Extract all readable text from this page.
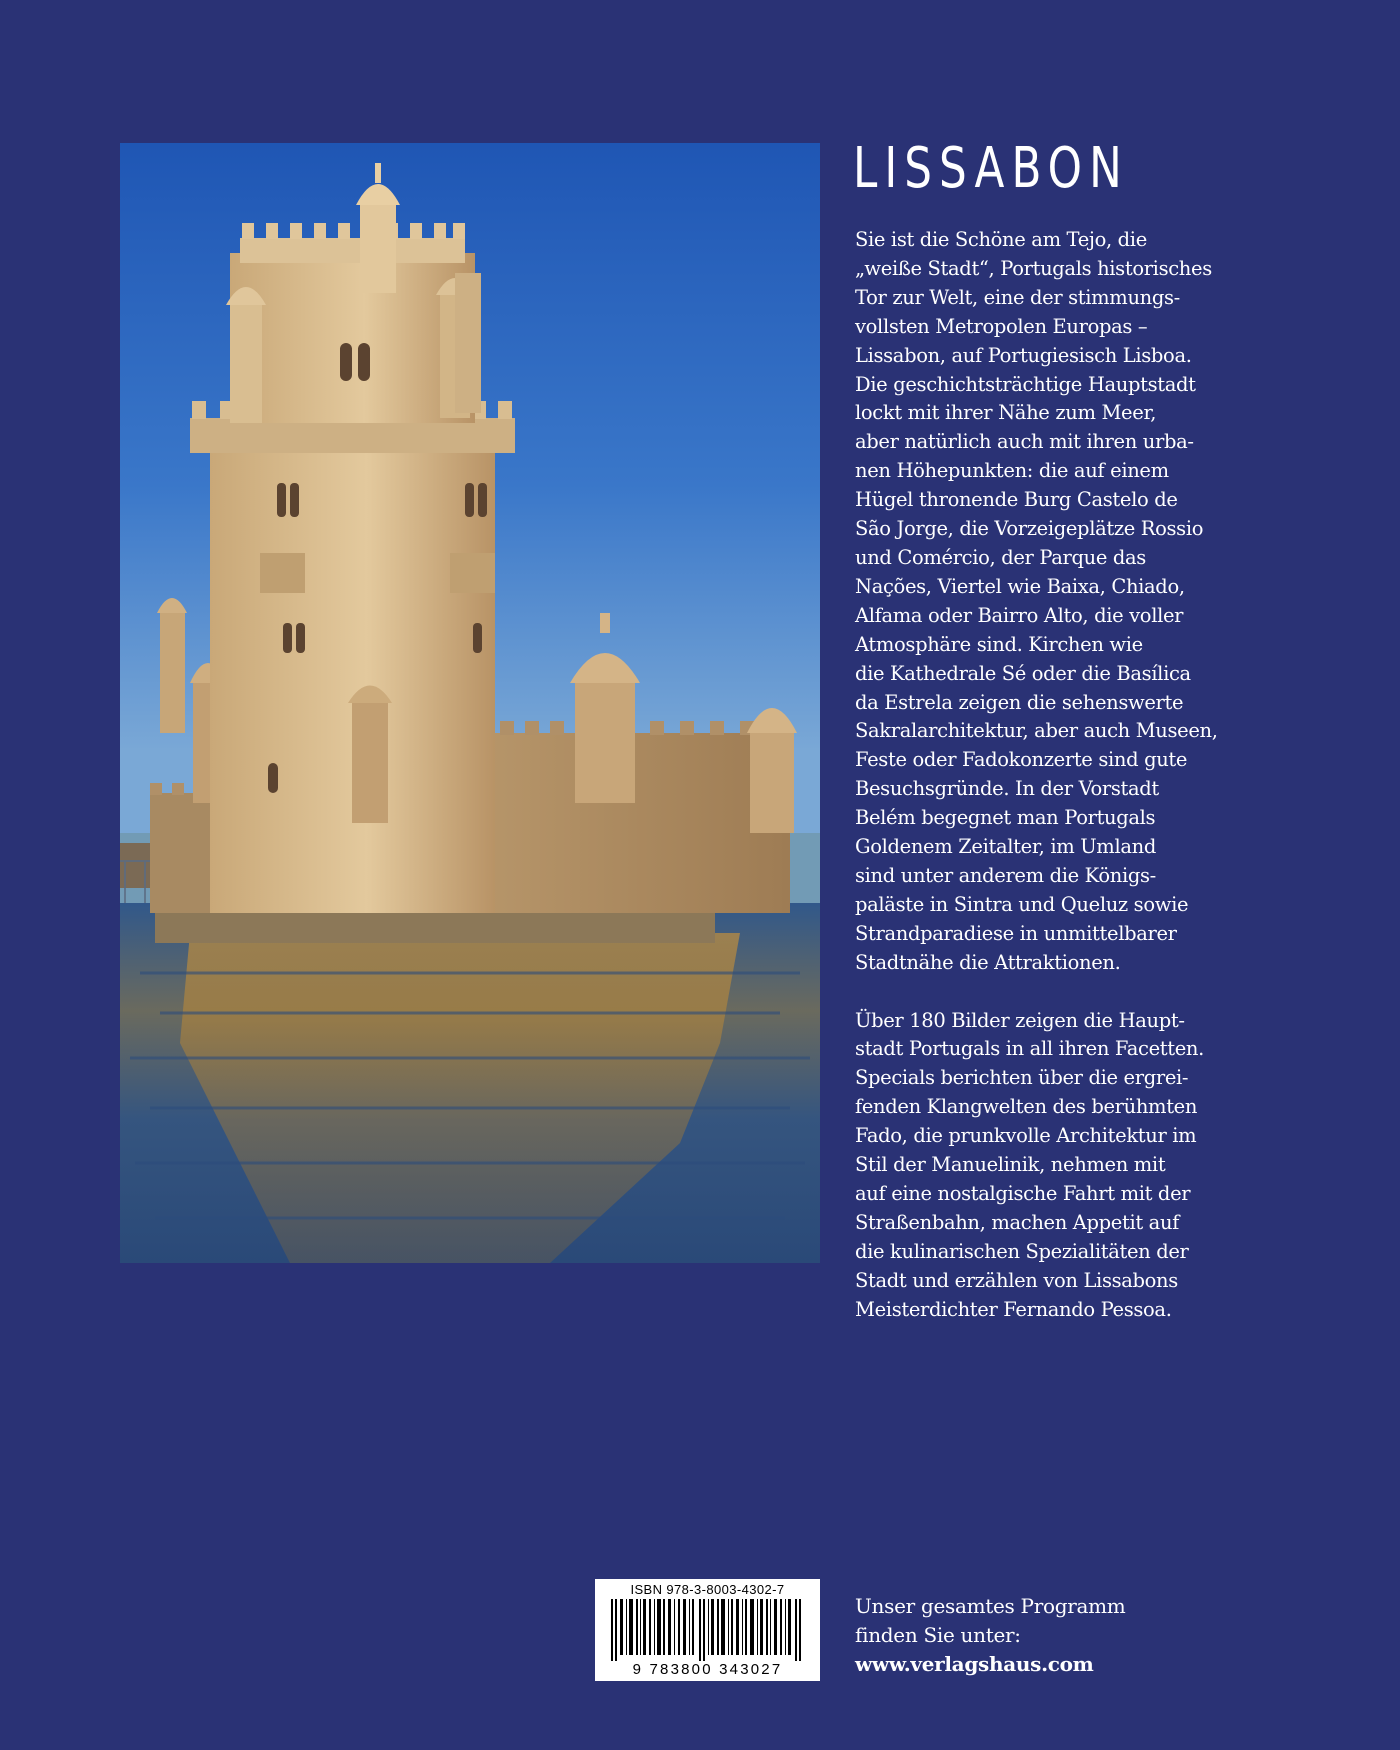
LISSABON

Sie ist die Schöne am Tejo, die
„weiße Stadt“, Portugals historisches
Tor zur Welt, eine der stimmungs-
vollsten Metropolen Europas –
Lissabon, auf Portugiesisch Lisboa.
Die geschichtsträchtige Hauptstadt
lockt mit ihrer Nähe zum Meer,
aber natürlich auch mit ihren urba-
nen Höhepunkten: die auf einem
Hügel thronende Burg Castelo de
São Jorge, die Vorzeigeplätze Rossio
und Comércio, der Parque das
Nações, Viertel wie Baixa, Chiado,
Alfama oder Bairro Alto, die voller
Atmosphäre sind. Kirchen wie
die Kathedrale Sé oder die Basílica
da Estrela zeigen die sehenswerte
Sakralarchitektur, aber auch Museen,
Feste oder Fadokonzerte sind gute
Besuchsgründe. In der Vorstadt
Belém begegnet man Portugals
Goldenem Zeitalter, im Umland
sind unter anderem die Königs-
paläste in Sintra und Queluz sowie
Strandparadiese in unmittelbarer
Stadtnähe die Attraktionen.

Über 180 Bilder zeigen die Haupt-
stadt Portugals in all ihren Facetten.
Specials berichten über die ergrei-
fenden Klangwelten des berühmten
Fado, die prunkvolle Architektur im
Stil der Manuelinik, nehmen mit
auf eine nostalgische Fahrt mit der
Straßenbahn, machen Appetit auf
die kulinarischen Spezialitäten der
Stadt und erzählen von Lissabons
Meisterdichter Fernando Pessoa.

ISBN 978-3-8003-4302-7
9 783800 343027
Unser gesamtes Programm
finden Sie unter:
www.verlagshaus.com
